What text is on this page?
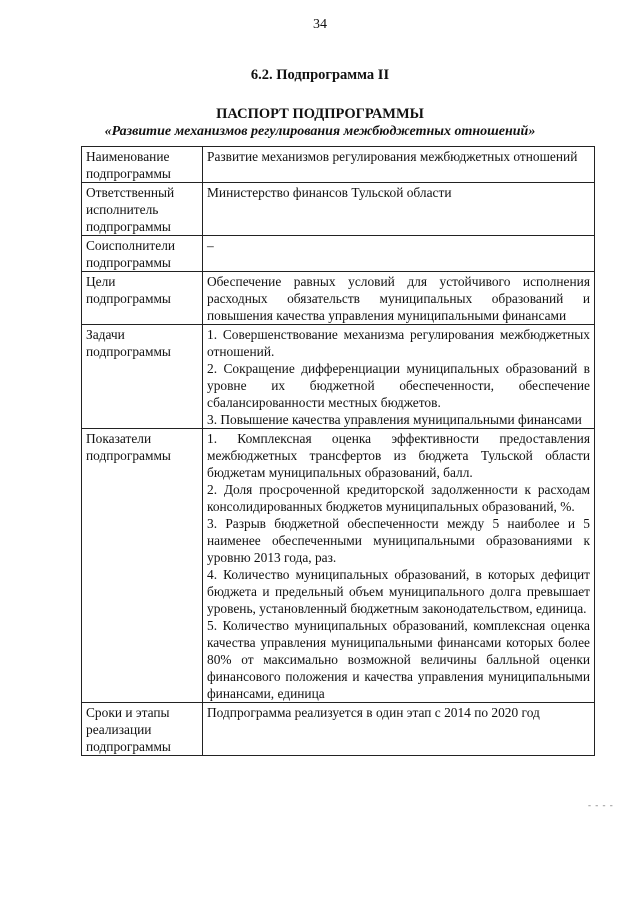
34
6.2. Подпрограмма II
ПАСПОРТ ПОДПРОГРАММЫ
«Развитие механизмов регулирования межбюджетных отношений»
Наименование подпрограммы	Развитие механизмов регулирования межбюджетных отношений

Ответственный исполнитель подпрограммы	Министерство финансов Тульской области

Соисполнители подпрограммы	–

Цели подпрограммы	Обеспечение равных условий для устойчивого исполнения расходных обязательств муниципальных образований и повышения качества управления муниципальными финансами

Задачи подпрограммы	1. Совершенствование механизма регулирования межбюджетных отношений.
2. Сокращение дифференциации муниципальных образований в уровне их бюджетной обеспеченности, обеспечение сбалансированности местных бюджетов.
3. Повышение качества управления муниципальными финансами

Показатели подпрограммы	1. Комплексная оценка эффективности предоставления межбюджетных трансфертов из бюджета Тульской области бюджетам муниципальных образований, балл.
2. Доля просроченной кредиторской задолженности к расходам консолидированных бюджетов муниципальных образований, %.
3. Разрыв бюджетной обеспеченности между 5 наиболее и 5 наименее обеспеченными муниципальными образованиями к уровню 2013 года, раз.
4. Количество муниципальных образований, в которых дефицит бюджета и предельный объем муниципального долга превышает уровень, установленный бюджетным законодательством, единица.
5. Количество муниципальных образований, комплексная оценка качества управления муниципальными финансами которых более 80% от максимально возможной величины балльной оценки финансового положения и качества управления муниципальными финансами, единица

Сроки и этапы реализации подпрограммы	Подпрограмма реализуется в один этап с 2014 по 2020 год
- - - -
